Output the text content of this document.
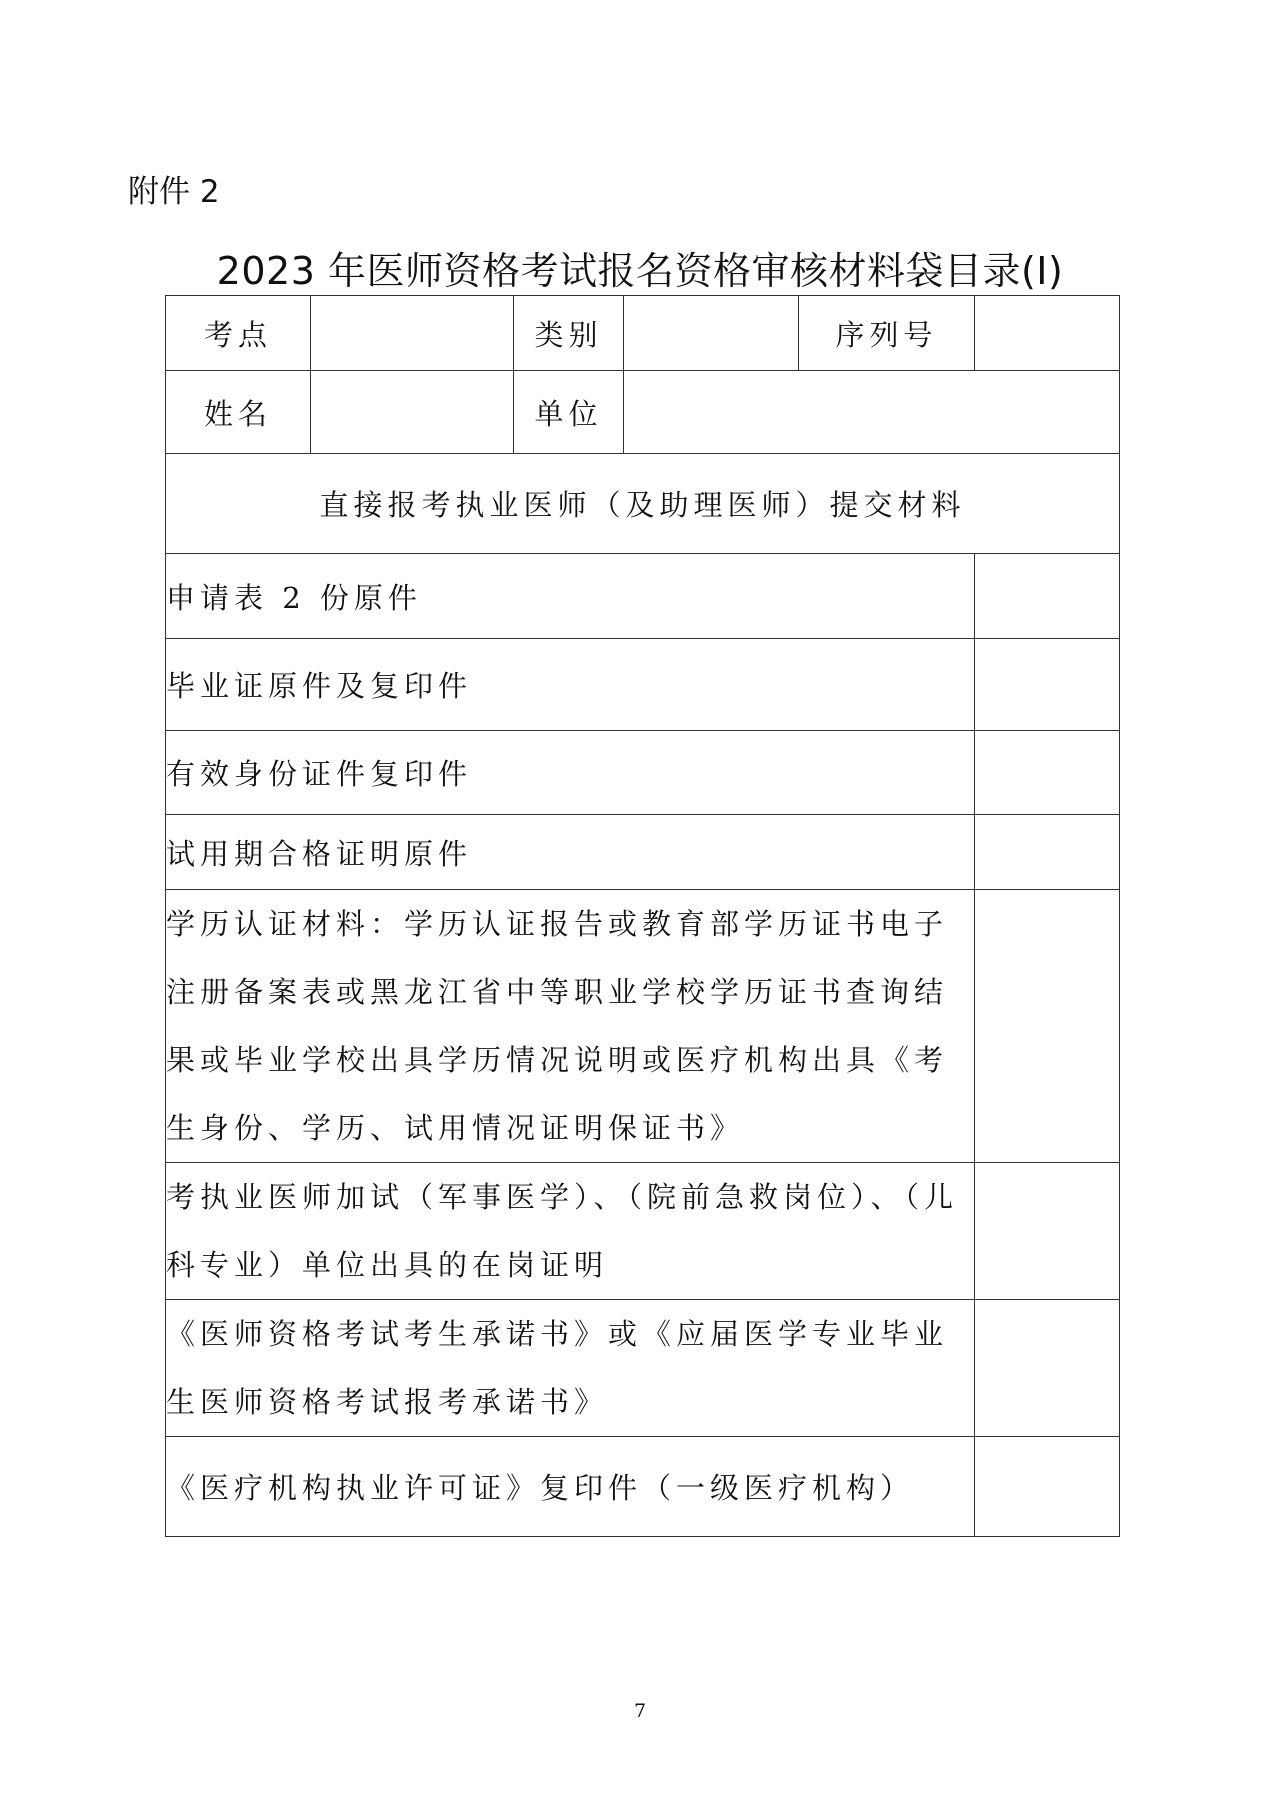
附件 2
2023 年医师资格考试报名资格审核材料袋目录(I)
考点		类别		序列号	
姓名		单位			
直接报考执业医师（及助理医师）提交材料					
申请表 2 份原件					
毕业证原件及复印件					
有效身份证件复印件					
试用期合格证明原件					
学历认证材料：学历认证报告或教育部学历证书电子注册备案表或黑龙江省中等职业学校学历证书查询结果或毕业学校出具学历情况说明或医疗机构出具《考生身份、学历、试用情况证明保证书》					
考执业医师加试（军事医学）、（院前急救岗位）、（儿科专业）单位出具的在岗证明					
《医师资格考试考生承诺书》或《应届医学专业毕业生医师资格考试报考承诺书》					
《医疗机构执业许可证》复印件（一级医疗机构）					
7
